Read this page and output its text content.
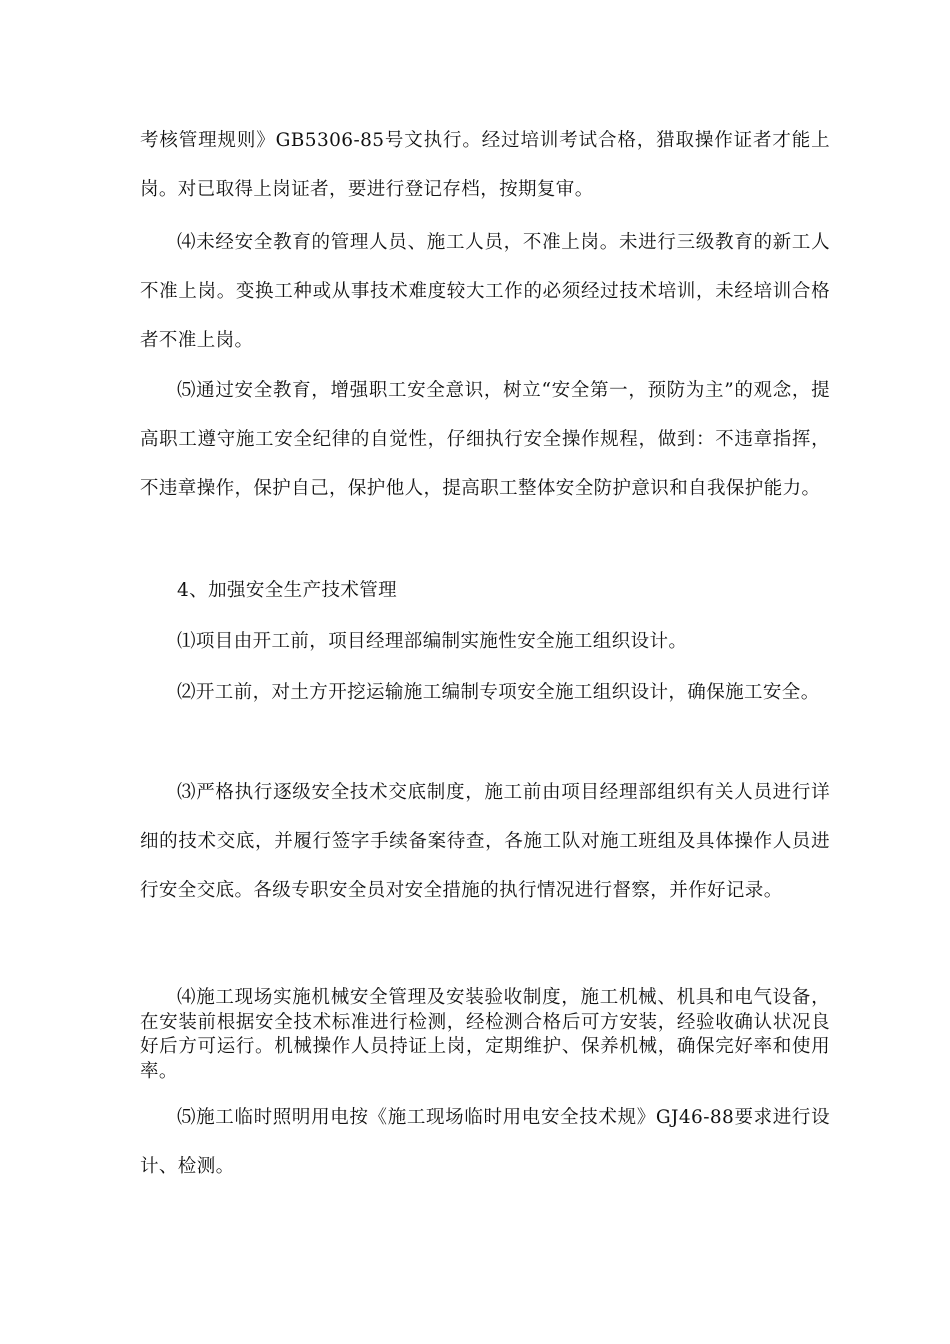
考核管理规则》GB5306-85号文执行。经过培训考试合格，猎取操作证者才能上岗。对已取得上岗证者，要进行登记存档，按期复审。

⑷未经安全教育的管理人员、施工人员，不准上岗。未进行三级教育的新工人不准上岗。变换工种或从事技术难度较大工作的必须经过技术培训，未经培训合格者不准上岗。

⑸通过安全教育，增强职工安全意识，树立“安全第一，预防为主”的观念，提高职工遵守施工安全纪律的自觉性，仔细执行安全操作规程，做到：不违章指挥，不违章操作，保护自己，保护他人，提高职工整体安全防护意识和自我保护能力。

4、加强安全生产技术管理

⑴项目由开工前，项目经理部编制实施性安全施工组织设计。

⑵开工前，对土方开挖运输施工编制专项安全施工组织设计，确保施工安全。

⑶严格执行逐级安全技术交底制度，施工前由项目经理部组织有关人员进行详细的技术交底，并履行签字手续备案待查，各施工队对施工班组及具体操作人员进行安全交底。各级专职安全员对安全措施的执行情况进行督察，并作好记录。

⑷施工现场实施机械安全管理及安装验收制度，施工机械、机具和电气设备，在安装前根据安全技术标准进行检测，经检测合格后可方安装，经验收确认状况良好后方可运行。机械操作人员持证上岗，定期维护、保养机械，确保完好率和使用率。

⑸施工临时照明用电按《施工现场临时用电安全技术规》GJ46-88要求进行设计、检测。
